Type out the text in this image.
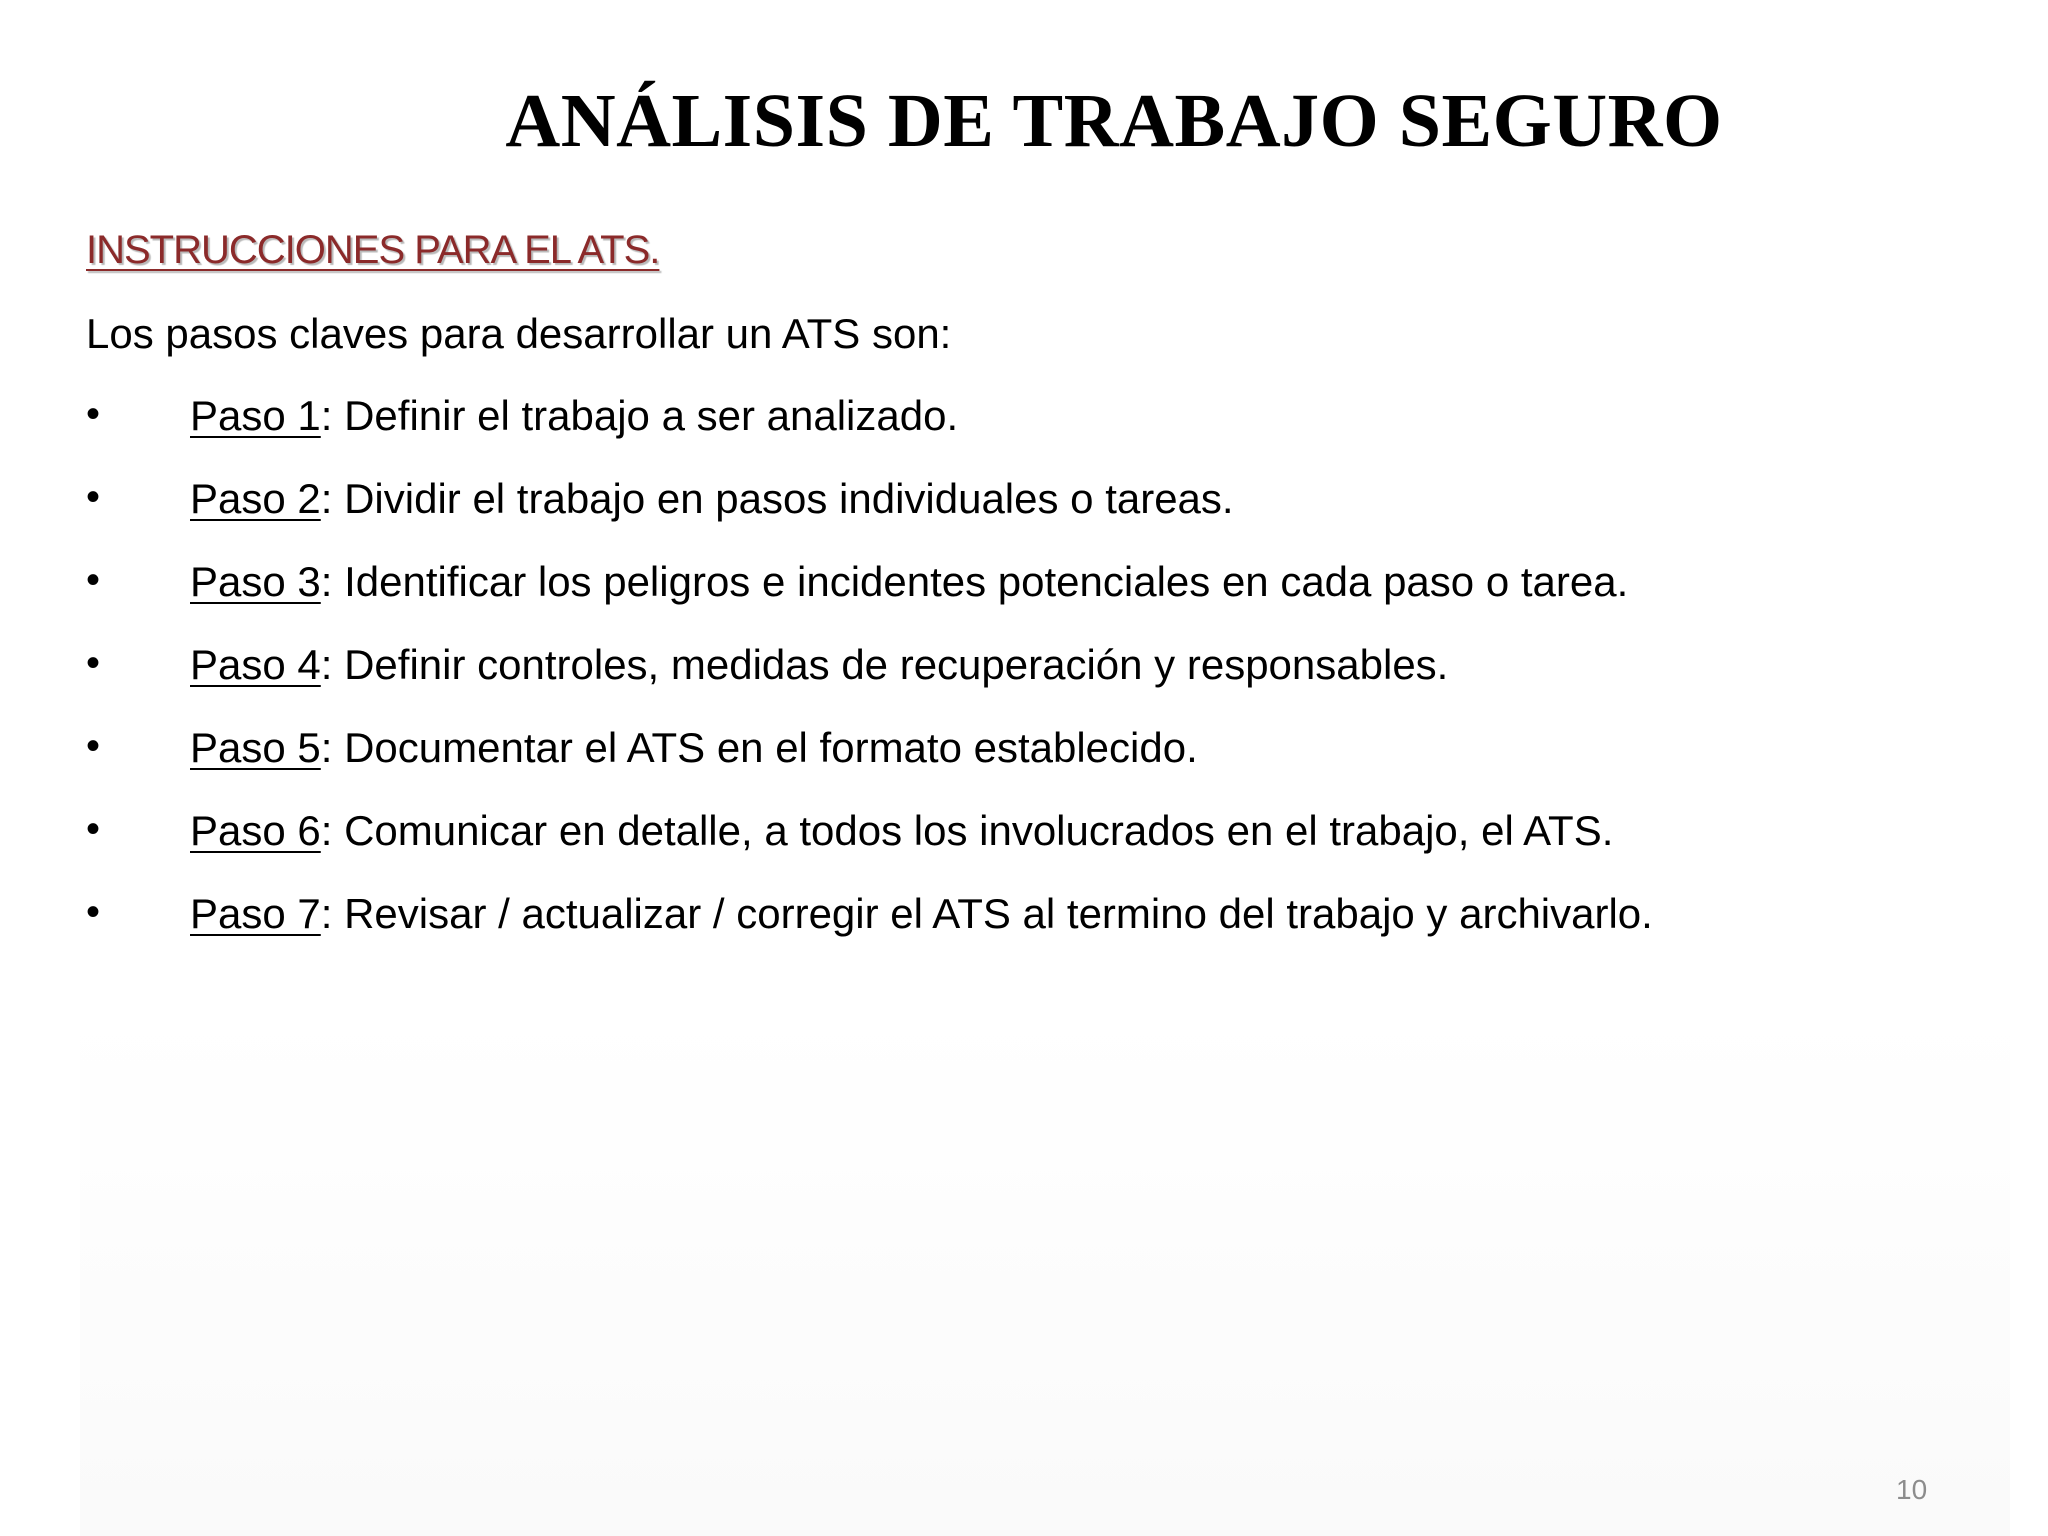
ANÁLISIS DE TRABAJO SEGURO
INSTRUCCIONES PARA EL ATS.
Los pasos claves para desarrollar un ATS son:
•	Paso 1: Definir el trabajo a ser analizado.
•	Paso 2: Dividir el trabajo en pasos individuales o tareas.
•	Paso 3: Identificar los peligros e incidentes potenciales en cada paso o tarea.
•	Paso 4: Definir controles, medidas de recuperación y responsables.
•	Paso 5: Documentar el ATS en el formato establecido.
•	Paso 6: Comunicar en detalle, a todos los involucrados en el trabajo, el ATS.
•	Paso 7: Revisar / actualizar / corregir el ATS al termino del trabajo y archivarlo.
10
